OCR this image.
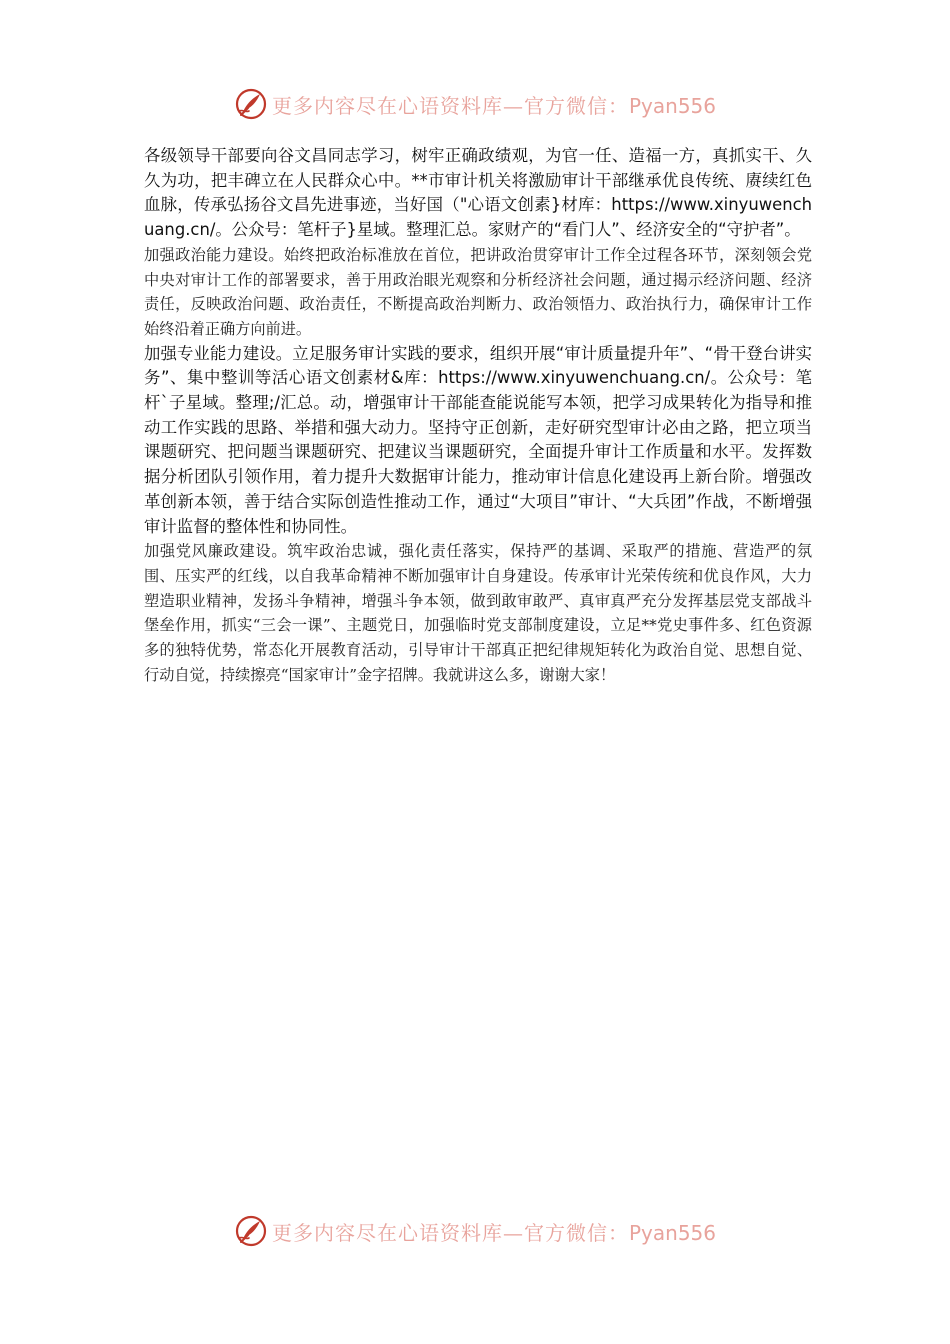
更多内容尽在心语资料库—官方微信：Pyan556

各级领导干部要向谷文昌同志学习，树牢正确政绩观，为官一任、造福一方，真抓实干、久久为功，把丰碑立在人民群众心中。**市审计机关将激励审计干部继承优良传统、赓续红色血脉，传承弘扬谷文昌先进事迹，当好国（"心语文创素}材库：https://www.xinyuwenchuang.cn/。公众号：笔杆子}星域。整理汇总。家财产的“看门人”、经济安全的“守护者”。

加强政治能力建设。始终把政治标准放在首位，把讲政治贯穿审计工作全过程各环节，深刻领会党中央对审计工作的部署要求，善于用政治眼光观察和分析经济社会问题，通过揭示经济问题、经济责任，反映政治问题、政治责任，不断提高政治判断力、政治领悟力、政治执行力，确保审计工作始终沿着正确方向前进。

加强专业能力建设。立足服务审计实践的要求，组织开展“审计质量提升年”、“骨干登台讲实务”、集中整训等活心语文创素材&库：https://www.xinyuwenchuang.cn/。公众号：笔杆`子星域。整理;/汇总。动，增强审计干部能查能说能写本领，把学习成果转化为指导和推动工作实践的思路、举措和强大动力。坚持守正创新，走好研究型审计必由之路，把立项当课题研究、把问题当课题研究、把建议当课题研究，全面提升审计工作质量和水平。发挥数据分析团队引领作用，着力提升大数据审计能力，推动审计信息化建设再上新台阶。增强改革创新本领，善于结合实际创造性推动工作，通过“大项目”审计、“大兵团”作战，不断增强审计监督的整体性和协同性。

加强党风廉政建设。筑牢政治忠诚，强化责任落实，保持严的基调、采取严的措施、营造严的氛围、压实严的红线，以自我革命精神不断加强审计自身建设。传承审计光荣传统和优良作风，大力塑造职业精神，发扬斗争精神，增强斗争本领，做到敢审敢严、真审真严充分发挥基层党支部战斗堡垒作用，抓实“三会一课”、主题党日，加强临时党支部制度建设，立足**党史事件多、红色资源多的独特优势，常态化开展教育活动，引导审计干部真正把纪律规矩转化为政治自觉、思想自觉、行动自觉，持续擦亮“国家审计”金字招牌。我就讲这么多，谢谢大家！

更多内容尽在心语资料库—官方微信：Pyan556
